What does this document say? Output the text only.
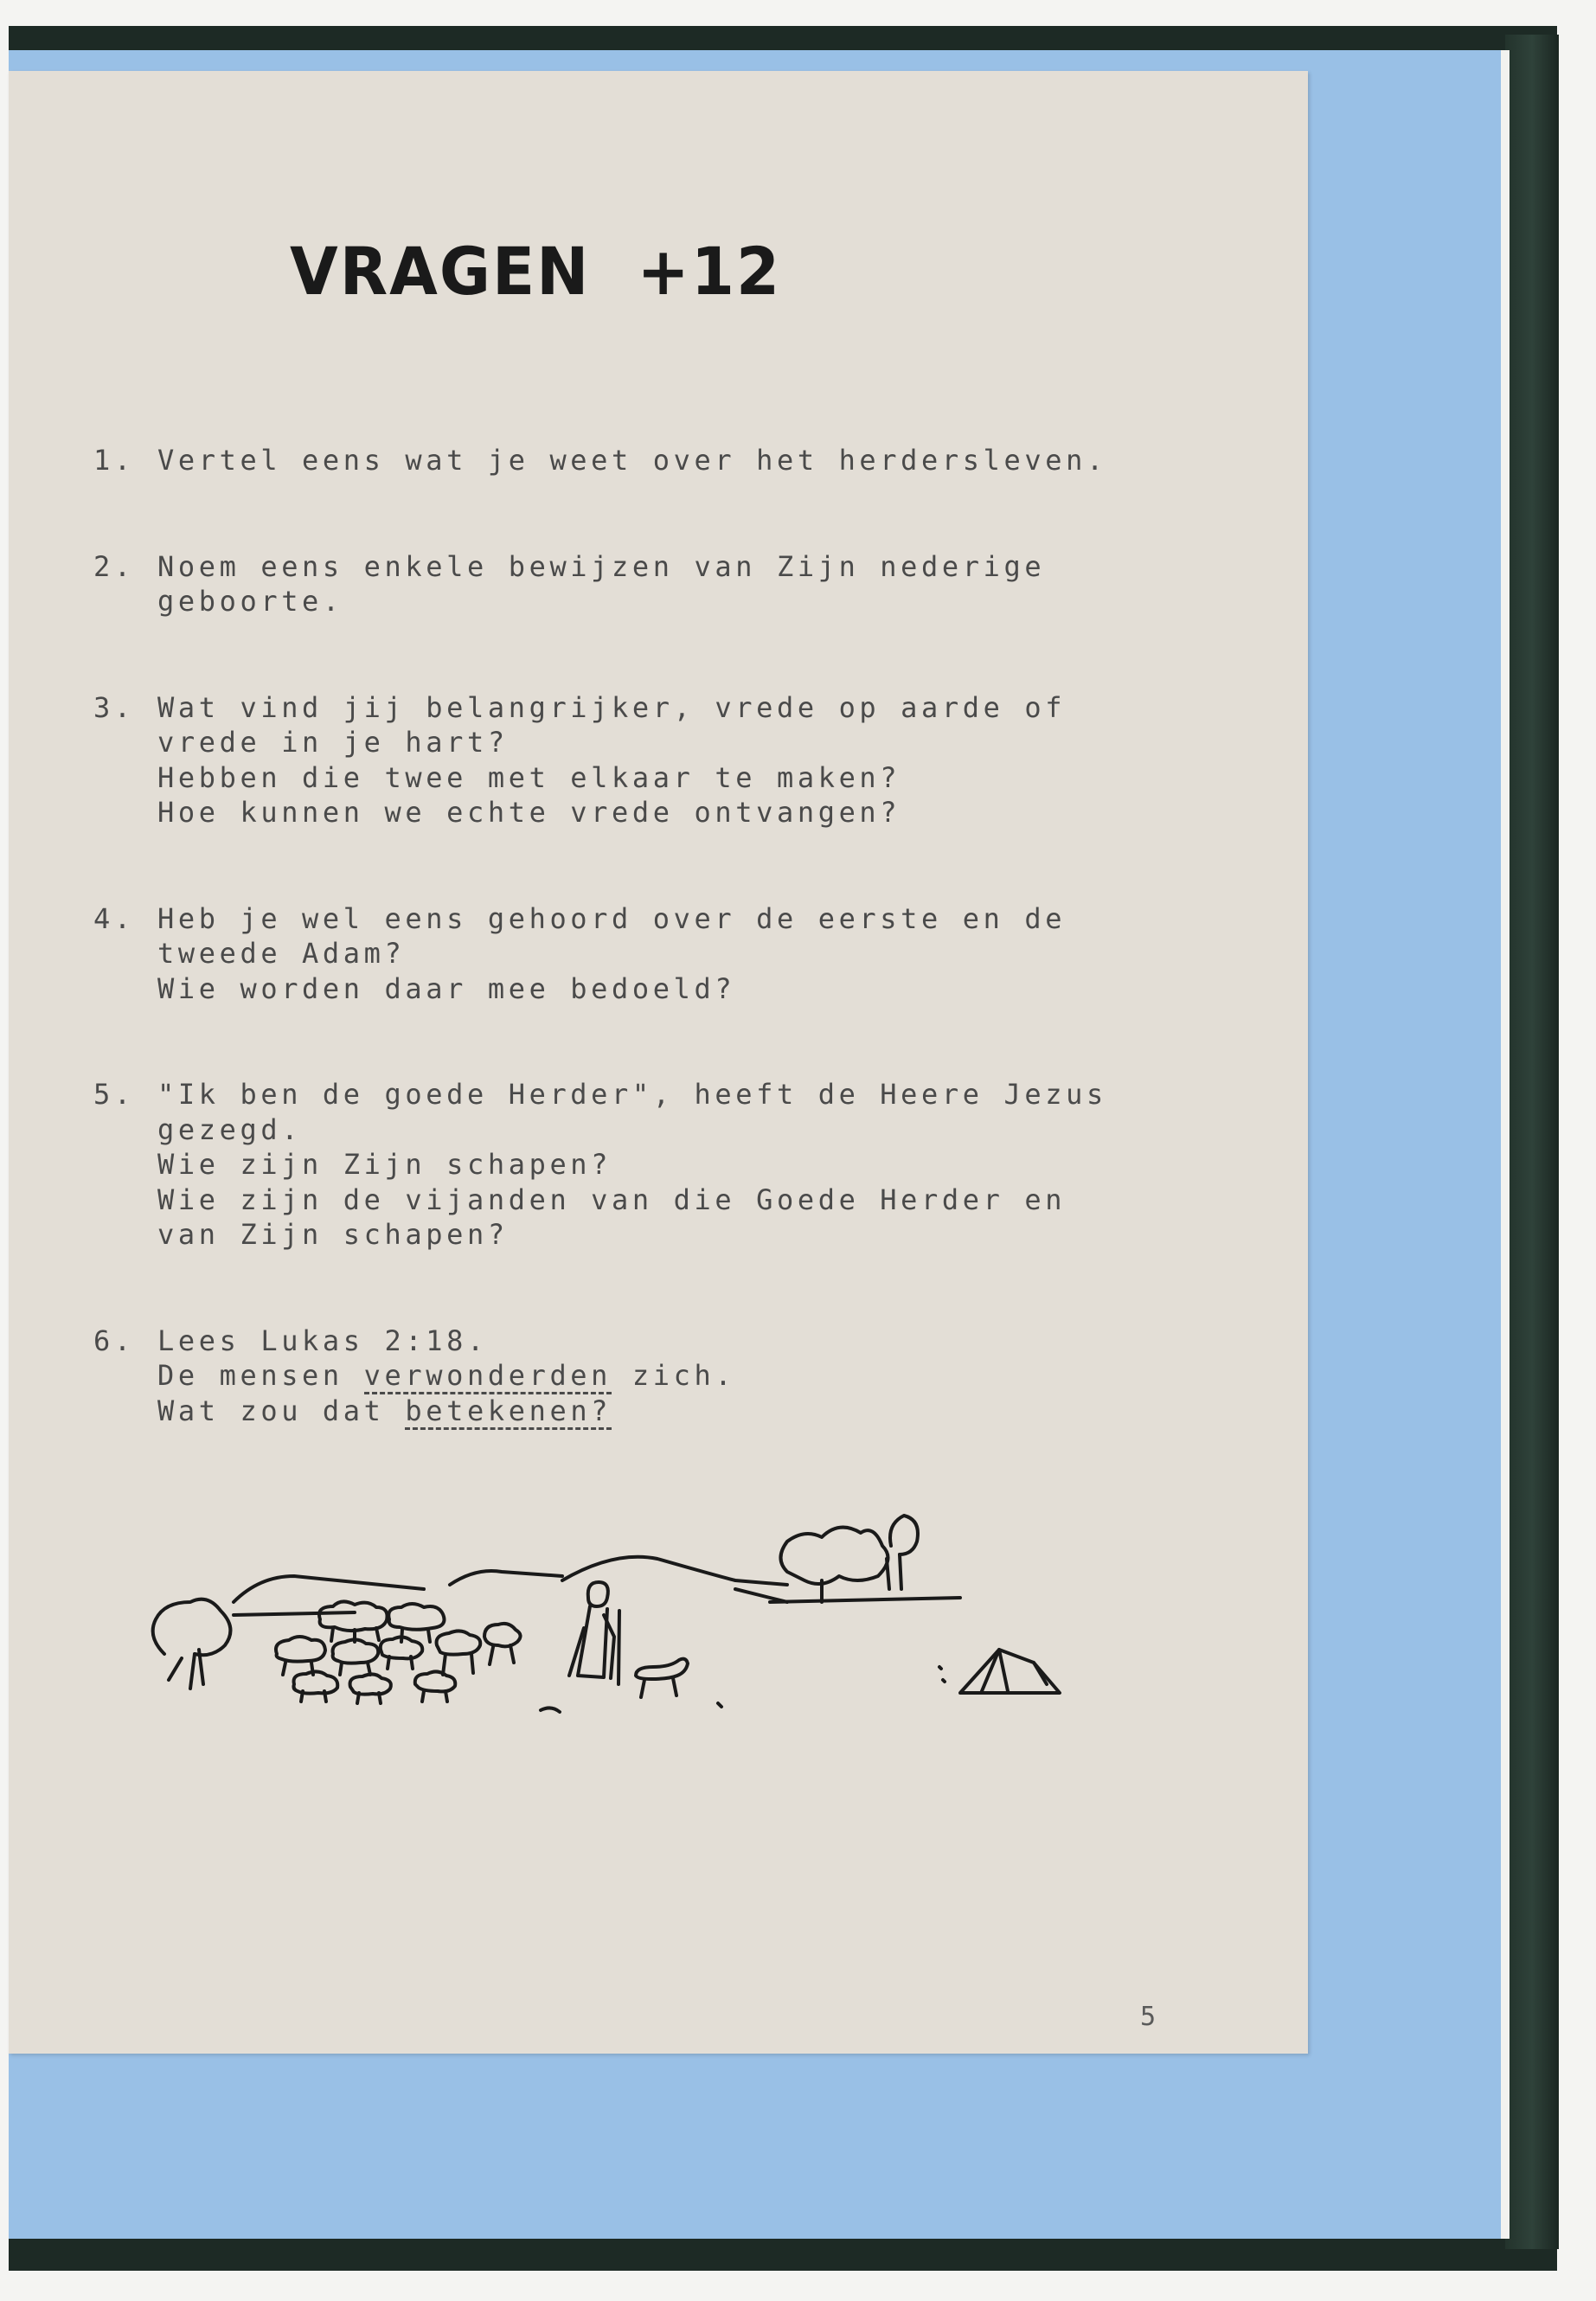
VRAGEN  +12
1. Vertel eens wat je weet over het herdersleven.
2. Noem eens enkele bewijzen van Zijn nederige
geboorte.
3. Wat vind jij belangrijker, vrede op aarde of
vrede in je hart?
Hebben die twee met elkaar te maken?
Hoe kunnen we echte vrede ontvangen?
4. Heb je wel eens gehoord over de eerste en de
tweede Adam?
Wie worden daar mee bedoeld?
5. "Ik ben de goede Herder", heeft de Heere Jezus
gezegd.
Wie zijn Zijn schapen?
Wie zijn de vijanden van die Goede Herder en
van Zijn schapen?
6. Lees Lukas 2:18.
De mensen verwonderden zich.
Wat zou dat betekenen?
5
